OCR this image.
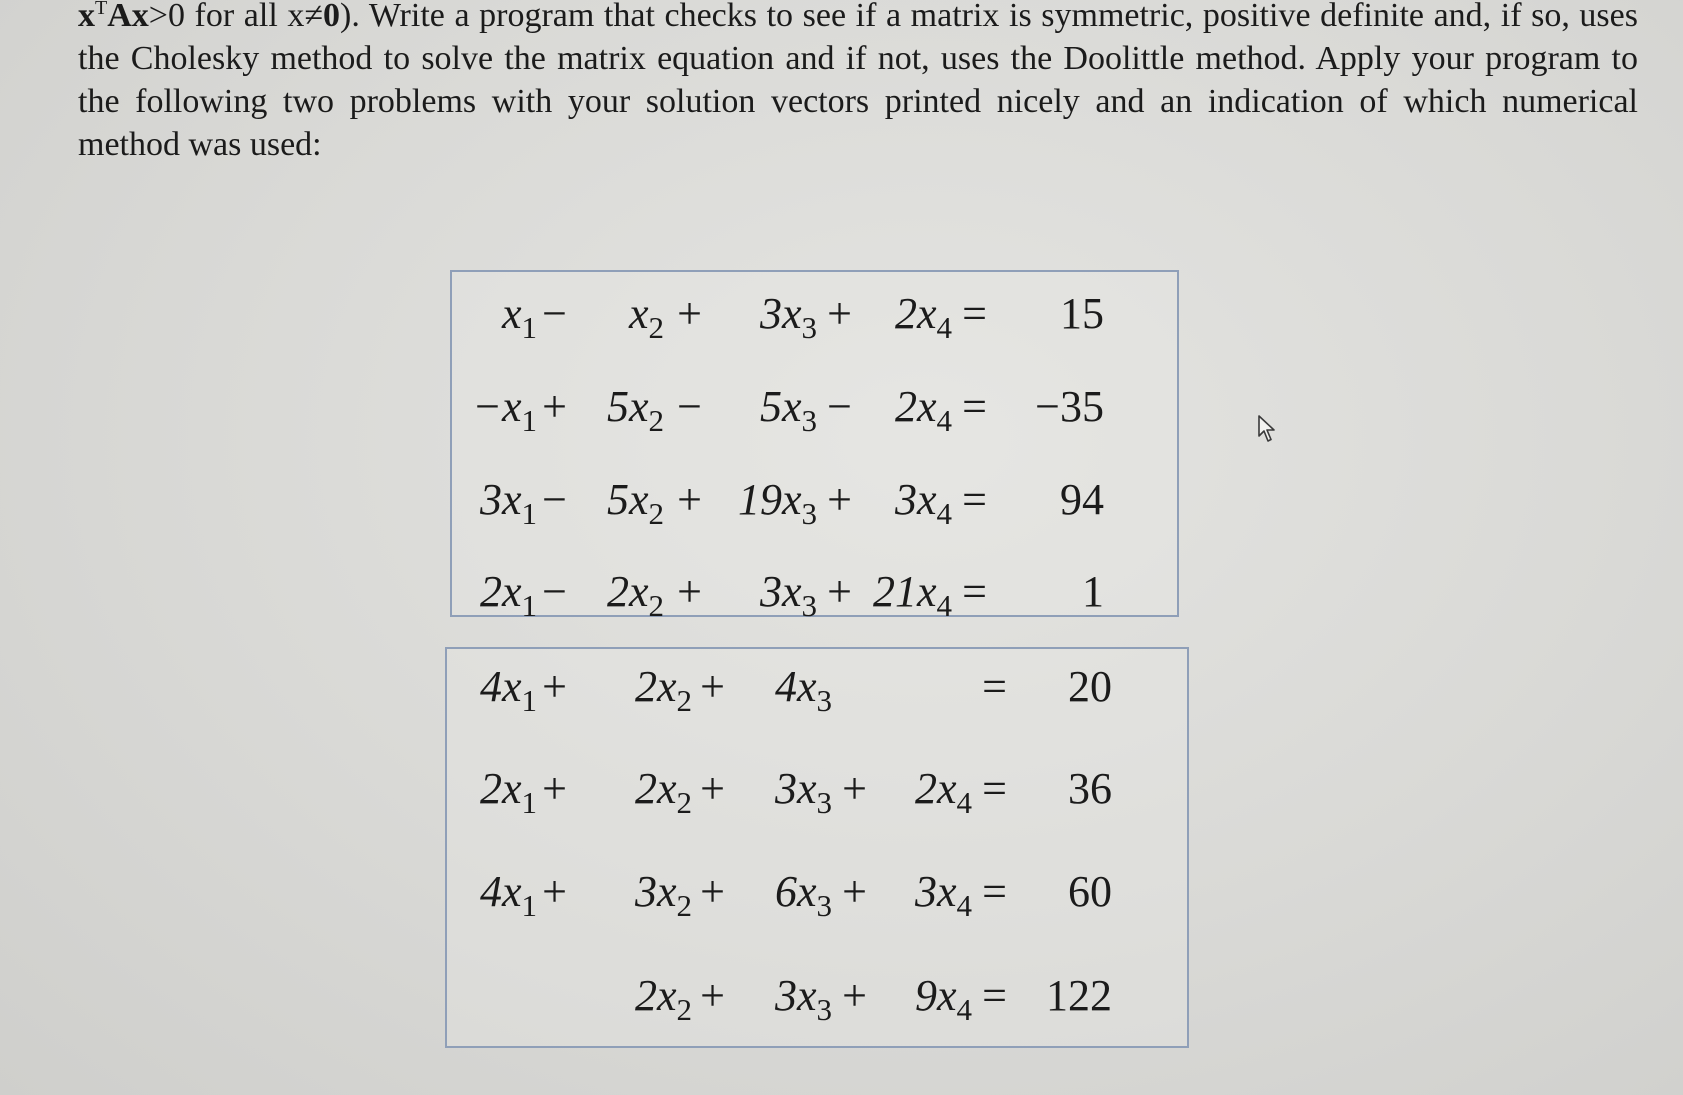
$x^TAx>0$ for all x≠0). Write a program that checks to see if a matrix is symmetric, positive definite and, if so, uses the Cholesky method to solve the matrix equation and if not, uses the Doolittle method. Apply your program to the following two problems with your solution vectors printed nicely and an indication of which numerical method was used:

$x_1 - x_2 + 3x_3 + 2x_4 = 15$
$-x_1 + 5x_2 - 5x_3 - 2x_4 = -35$
$3x_1 - 5x_2 + 19x_3 + 3x_4 = 94$
$2x_1 - 2x_2 + 3x_3 + 21x_4 = 1$
$4x_1 + 2x_2 + 4x_3$	= 20
$2x_1 + 2x_2 + 3x_3 + 2x_4 = 36$
$4x_1 + 3x_2 + 6x_3 + 3x_4 = 60$
$2x_2 + 3x_3 + 9x_4 = 122$
